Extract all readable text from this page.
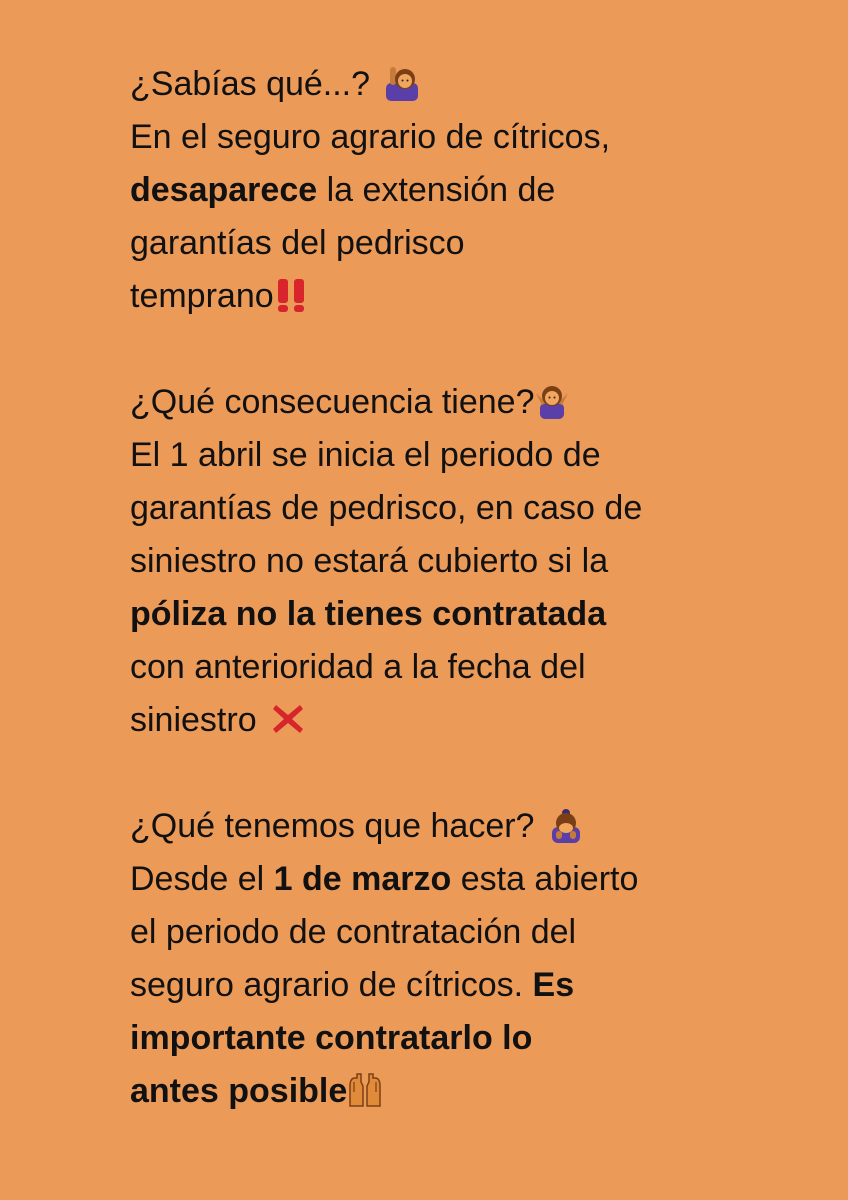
¿Sabías qué...?
En el seguro agrario de cítricos,
desaparece la extensión de
garantías del pedrisco
temprano
¿Qué consecuencia tiene?
El 1 abril se inicia el periodo de
garantías de pedrisco, en caso de
siniestro no estará cubierto si la
póliza no la tienes contratada
con anterioridad a la fecha del
siniestro
¿Qué tenemos que hacer?
Desde el 1 de marzo esta abierto
el periodo de contratación del
seguro agrario de cítricos. Es
importante contratarlo lo
antes posible
